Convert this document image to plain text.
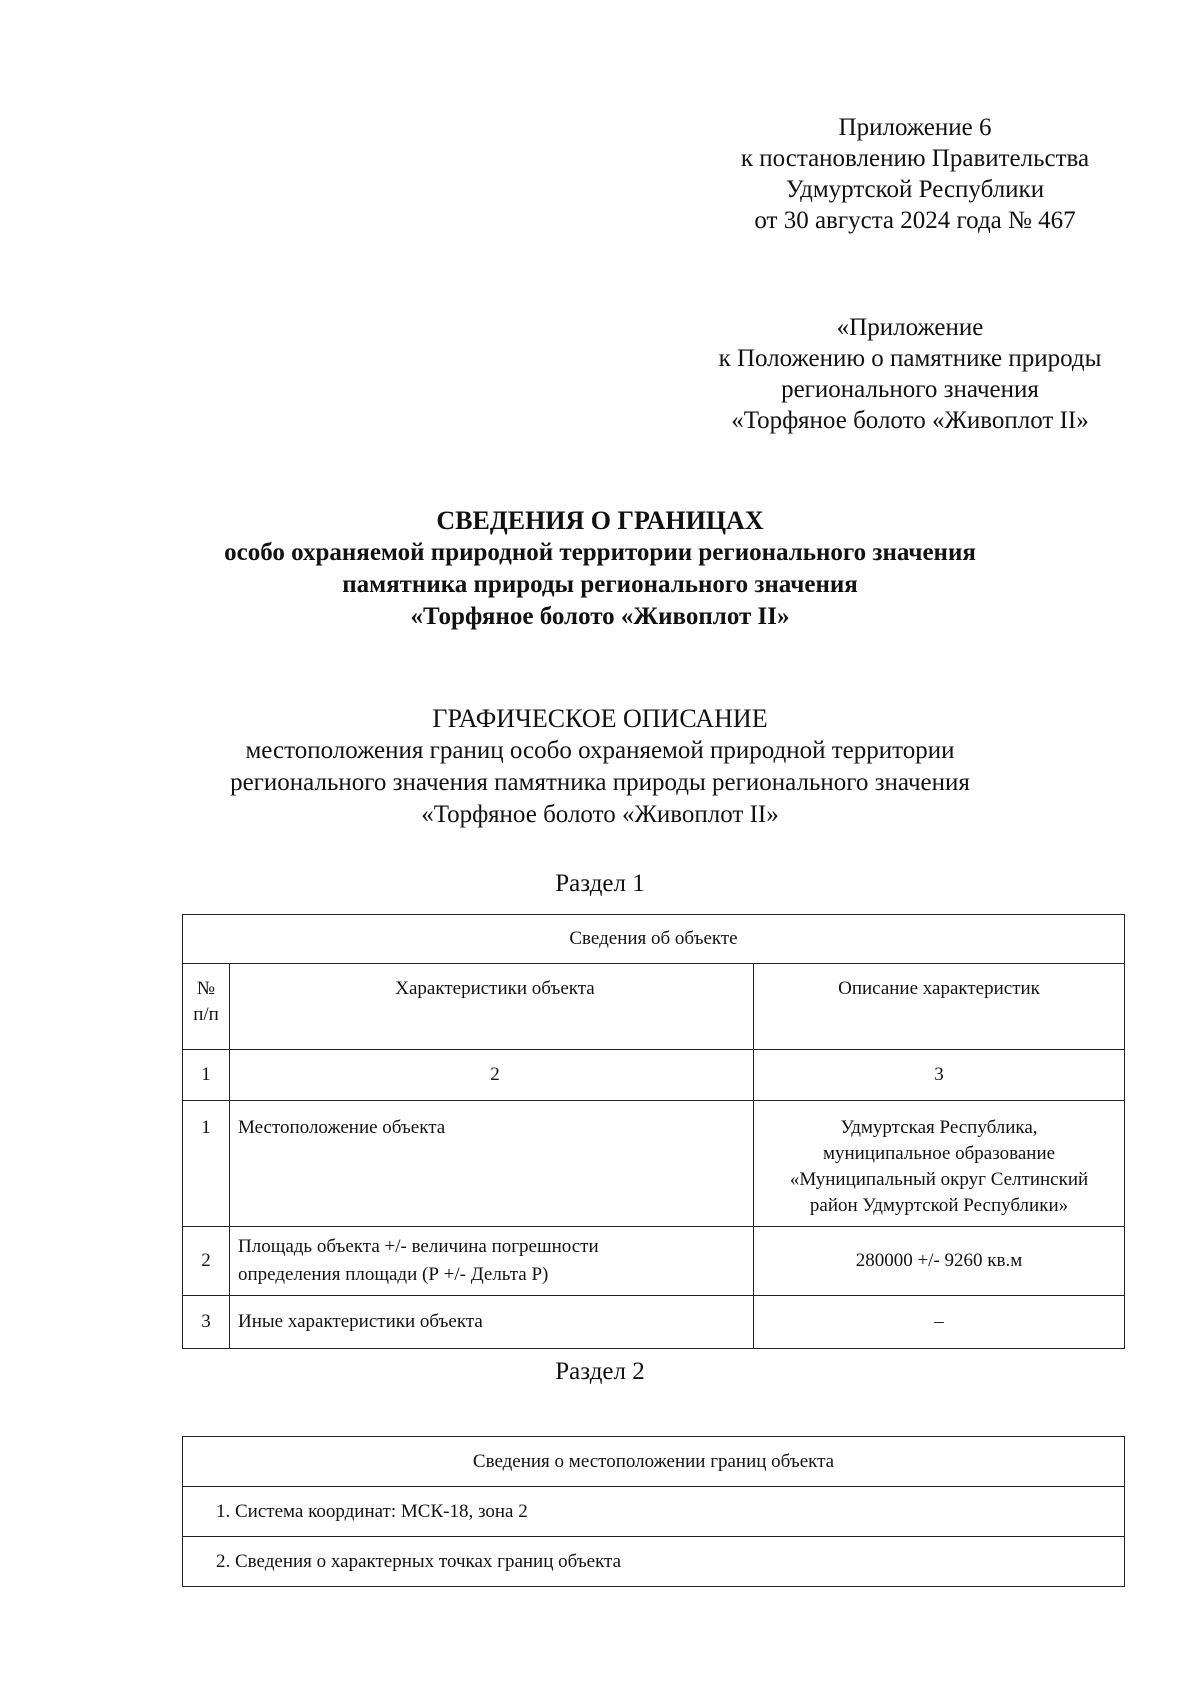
Приложение 6
к постановлению Правительства
Удмуртской Республики
от 30 августа 2024 года № 467
«Приложение
к Положению о памятнике природы
регионального значения
«Торфяное болото «Живоплот II»
СВЕДЕНИЯ О ГРАНИЦАХ
особо охраняемой природной территории регионального значения
памятника природы регионального значения
«Торфяное болото «Живоплот II»
ГРАФИЧЕСКОЕ ОПИСАНИЕ
местоположения границ особо охраняемой природной территории
регионального значения памятника природы регионального значения
«Торфяное болото «Живоплот II»
Раздел 1
Сведения об объекте		

№
п/п	Характеристики объекта	Описание характеристик
1	2	3
1	Местоположение объекта	Удмуртская Республика,
муниципальное образование
«Муниципальный округ Селтинский
район Удмуртской Республики»

2	Площадь объекта +/- величина погрешности
определения площади (Р +/- Дельта Р)	280000 +/- 9260 кв.м
3	Иные характеристики объекта	–
Раздел 2
Сведения о местоположении границ объекта
1. Система координат: МСК-18, зона 2
2. Сведения о характерных точках границ объекта
